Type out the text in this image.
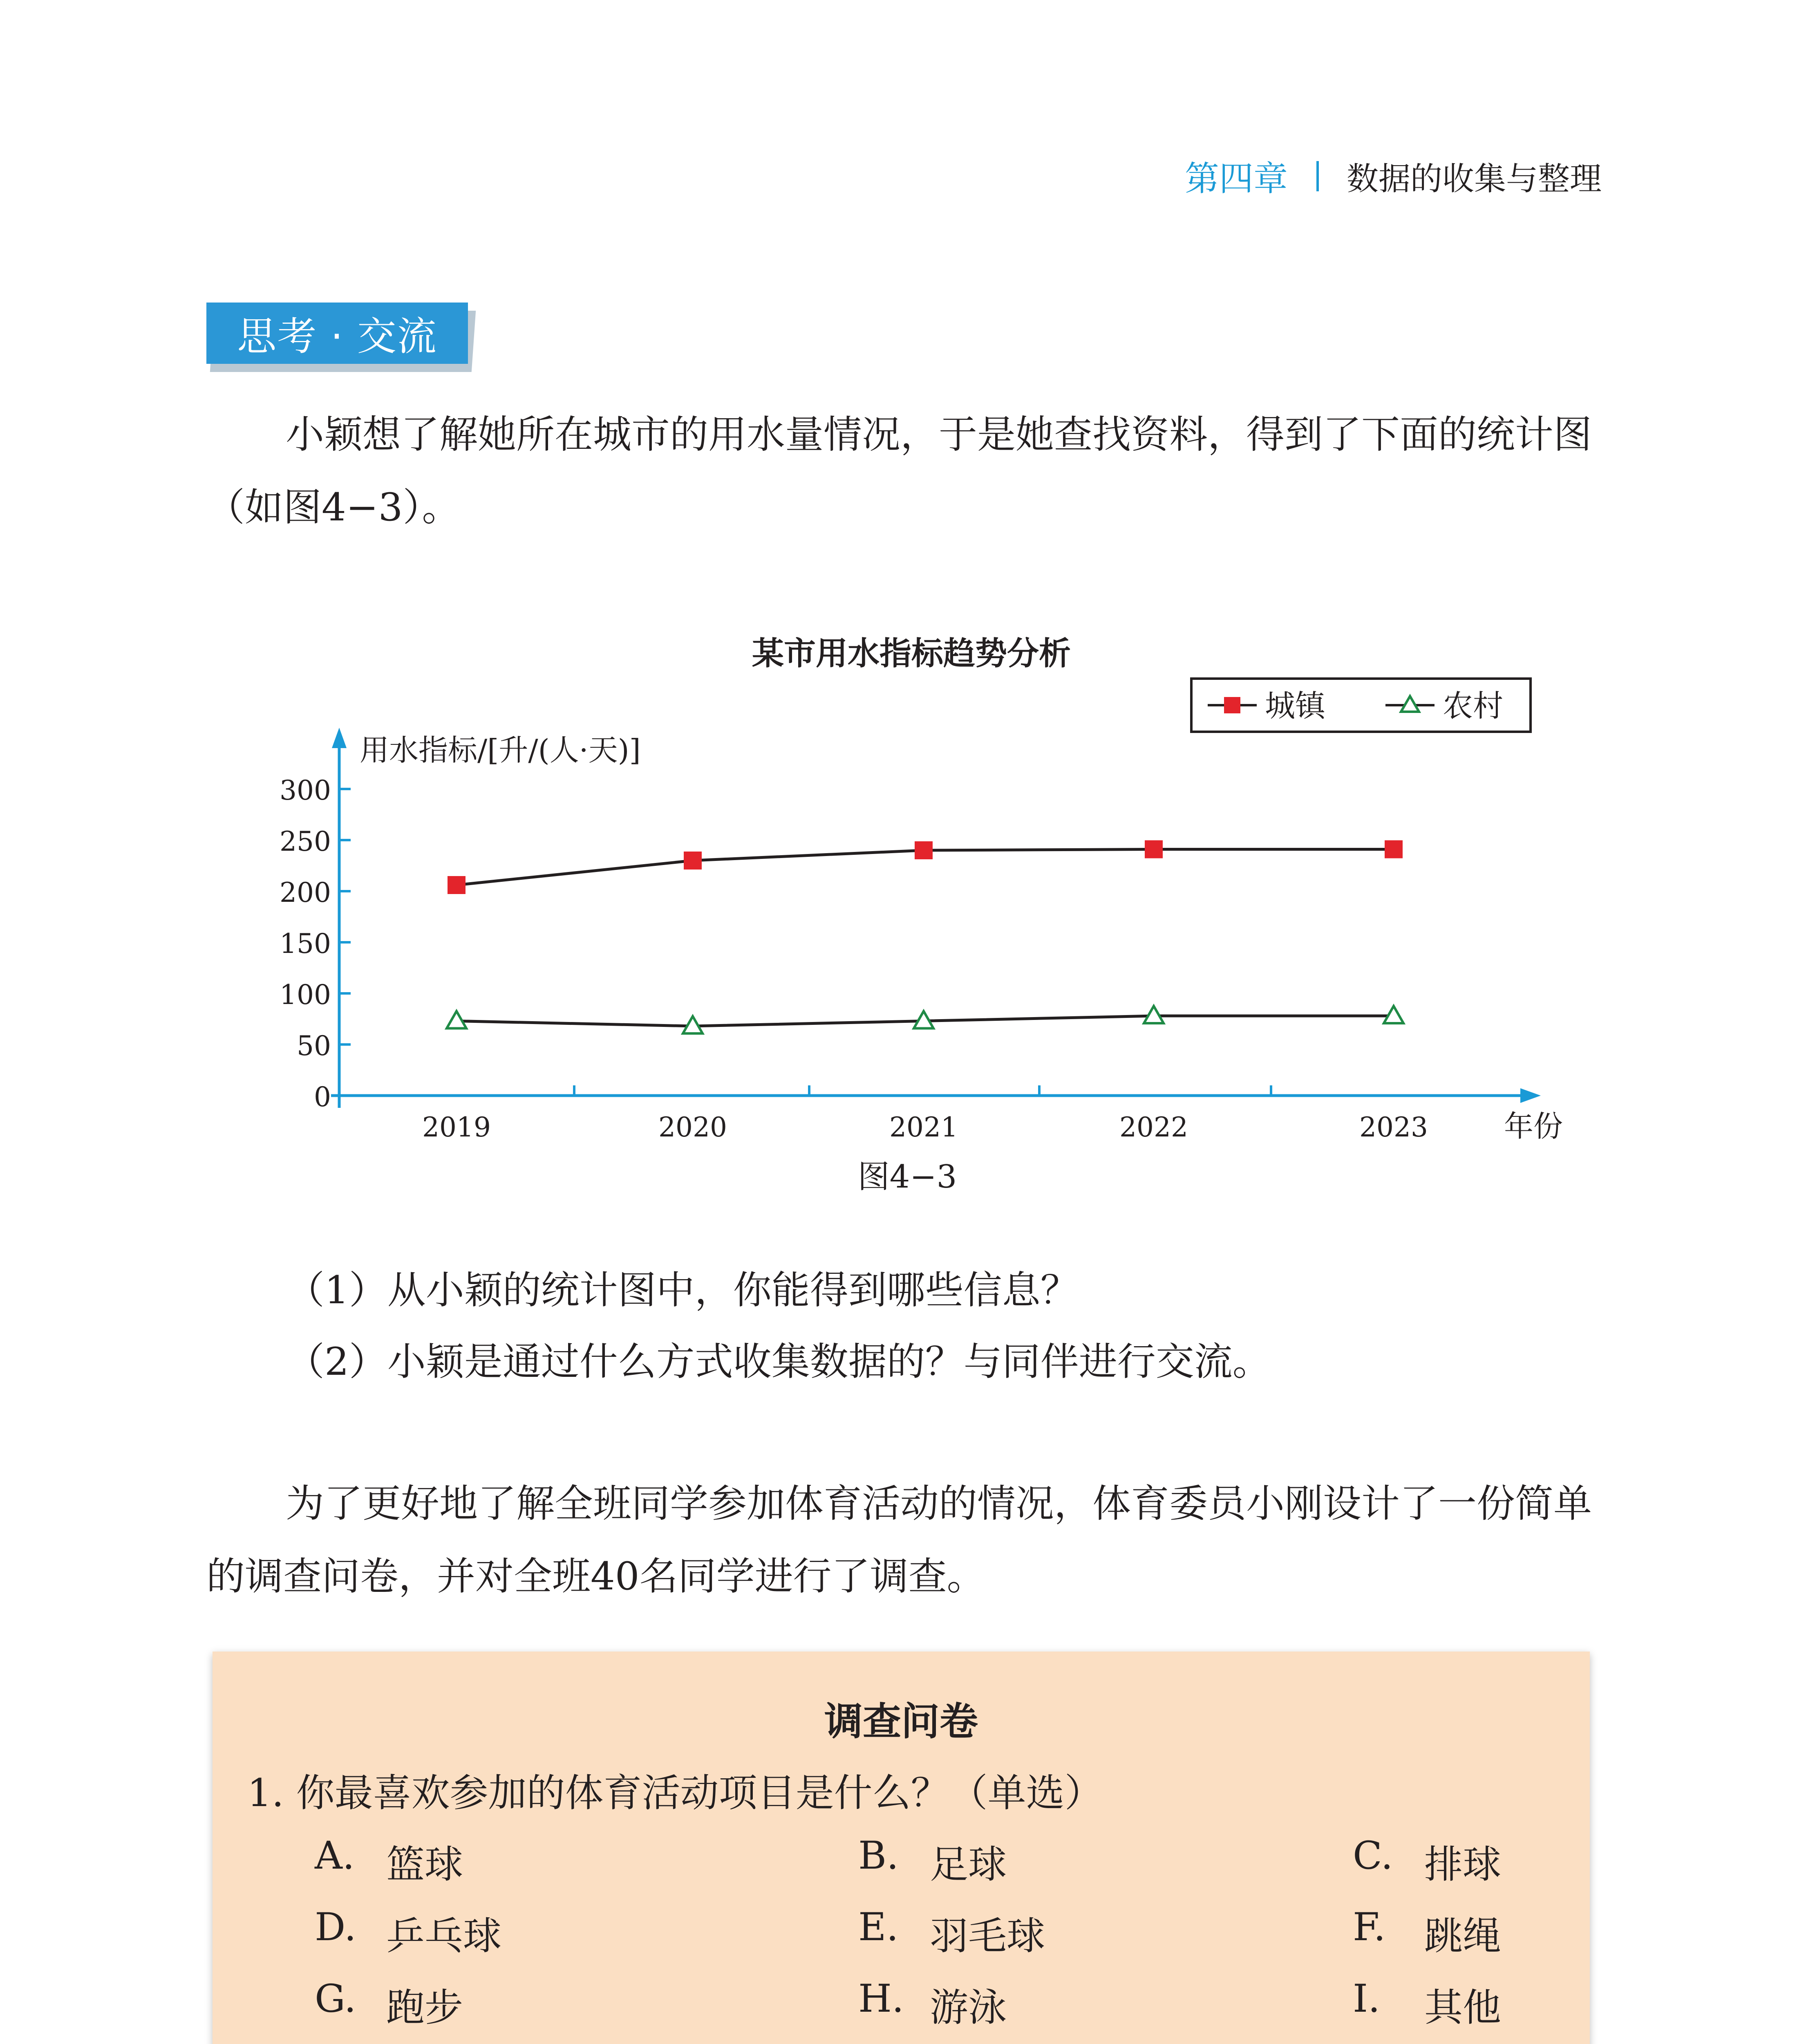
第四章 数据的收集与整理
思考 · 交流
小颖想了解她所在城市的用水量情况，于是她查找资料，得到了下面的统计图（如图4−3）。
某市用水指标趋势分析
0
50
100
150
200
250
300
2019	2020	2021	2022	2023	年份
用水指标/[升/(人·天)]
城镇	农村
图4−3
（1）从小颖的统计图中，你能得到哪些信息？
（2）小颖是通过什么方式收集数据的？与同伴进行交流。
为了更好地了解全班同学参加体育活动的情况，体育委员小刚设计了一份简单的调查问卷，并对全班40名同学进行了调查。
调查问卷
1. 你最喜欢参加的体育活动项目是什么？（单选）
A. 篮球	B. 足球	C. 排球
D. 乒乓球	E. 羽毛球	F.	跳绳
G. 跑步	H. 游泳	I.	其他
